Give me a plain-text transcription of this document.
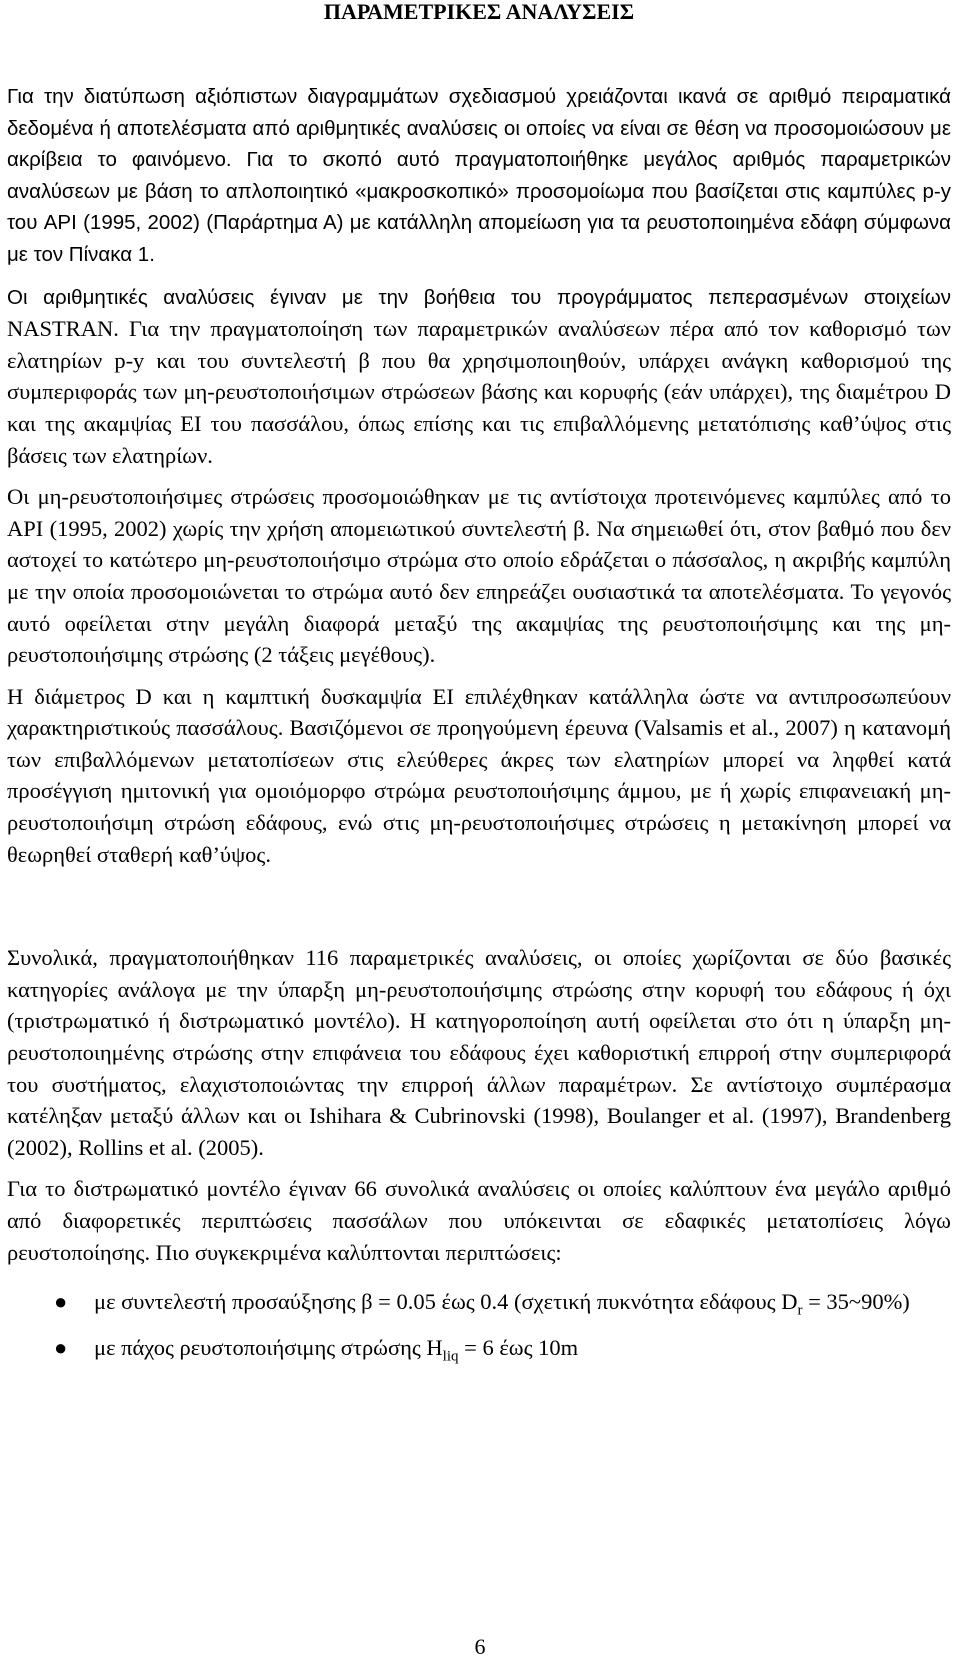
ΠΑΡΑΜΕΤΡΙΚΕΣ ΑΝΑΛΥΣΕΙΣ

Για την διατύπωση αξιόπιστων διαγραμμάτων σχεδιασμού χρειάζονται ικανά σε αριθμό πειραματικά δεδομένα ή αποτελέσματα από αριθμητικές αναλύσεις οι οποίες να είναι σε θέση να προσομοιώσουν με ακρίβεια το φαινόμενο. Για το σκοπό αυτό πραγματοποιήθηκε μεγάλος αριθμός παραμετρικών αναλύσεων με βάση το απλοποιητικό «μακροσκοπικό» προσομοίωμα που βασίζεται στις καμπύλες p-y του API (1995, 2002) (Παράρτημα Α) με κατάλληλη απομείωση για τα ρευστοποιημένα εδάφη σύμφωνα με τον Πίνακα 1.

Οι αριθμητικές αναλύσεις έγιναν με την βοήθεια του προγράμματος πεπερασμένων στοιχείων NASTRAN. Για την πραγματοποίηση των παραμετρικών αναλύσεων πέρα από τον καθορισμό των ελατηρίων p-y και του συντελεστή β που θα χρησιμοποιηθούν, υπάρχει ανάγκη καθορισμού της συμπεριφοράς των μη-ρευστοποιήσιμων στρώσεων βάσης και κορυφής (εάν υπάρχει), της διαμέτρου D και της ακαμψίας EI του πασσάλου, όπως επίσης και τις επιβαλλόμενης μετατόπισης καθ’ύψος στις βάσεις των ελατηρίων.

Οι μη-ρευστοποιήσιμες στρώσεις προσομοιώθηκαν με τις αντίστοιχα προτεινόμενες καμπύλες από το API (1995, 2002) χωρίς την χρήση απομειωτικού συντελεστή β. Να σημειωθεί ότι, στον βαθμό που δεν αστοχεί το κατώτερο μη-ρευστοποιήσιμο στρώμα στο οποίο εδράζεται ο πάσσαλος, η ακριβής καμπύλη με την οποία προσομοιώνεται το στρώμα αυτό δεν επηρεάζει ουσιαστικά τα αποτελέσματα. Το γεγονός αυτό οφείλεται στην μεγάλη διαφορά μεταξύ της ακαμψίας της ρευστοποιήσιμης και της μη-ρευστοποιήσιμης στρώσης (2 τάξεις μεγέθους).

Η διάμετρος D και η καμπτική δυσκαμψία EI επιλέχθηκαν κατάλληλα ώστε να αντιπροσωπεύουν χαρακτηριστικούς πασσάλους. Βασιζόμενοι σε προηγούμενη έρευνα (Valsamis et al., 2007) η κατανομή των επιβαλλόμενων μετατοπίσεων στις ελεύθερες άκρες των ελατηρίων μπορεί να ληφθεί κατά προσέγγιση ημιτονική για ομοιόμορφο στρώμα ρευστοποιήσιμης άμμου, με ή χωρίς επιφανειακή μη-ρευστοποιήσιμη στρώση εδάφους, ενώ στις μη-ρευστοποιήσιμες στρώσεις η μετακίνηση μπορεί να θεωρηθεί σταθερή καθ’ύψος.

Συνολικά, πραγματοποιήθηκαν 116 παραμετρικές αναλύσεις, οι οποίες χωρίζονται σε δύο βασικές κατηγορίες ανάλογα με την ύπαρξη μη-ρευστοποιήσιμης στρώσης στην κορυφή του εδάφους ή όχι (τριστρωματικό ή διστρωματικό μοντέλο). Η κατηγοροποίηση αυτή οφείλεται στο ότι η ύπαρξη μη-ρευστοποιημένης στρώσης στην επιφάνεια του εδάφους έχει καθοριστική επιρροή στην συμπεριφορά του συστήματος, ελαχιστοποιώντας την επιρροή άλλων παραμέτρων. Σε αντίστοιχο συμπέρασμα κατέληξαν μεταξύ άλλων και οι Ishihara & Cubrinovski (1998), Boulanger et al. (1997), Brandenberg (2002), Rollins et al. (2005).

Για το διστρωματικό μοντέλο έγιναν 66 συνολικά αναλύσεις οι οποίες καλύπτουν ένα μεγάλο αριθμό από διαφορετικές περιπτώσεις πασσάλων που υπόκεινται σε εδαφικές μετατοπίσεις λόγω ρευστοποίησης. Πιο συγκεκριμένα καλύπτονται περιπτώσεις:

● με συντελεστή προσαύξησης β = 0.05 έως 0.4 (σχετική πυκνότητα εδάφους $D_r$ = 35~90%)
● με πάχος ρευστοποιήσιμης στρώσης $H_{liq} = 6$ έως 10m
6
